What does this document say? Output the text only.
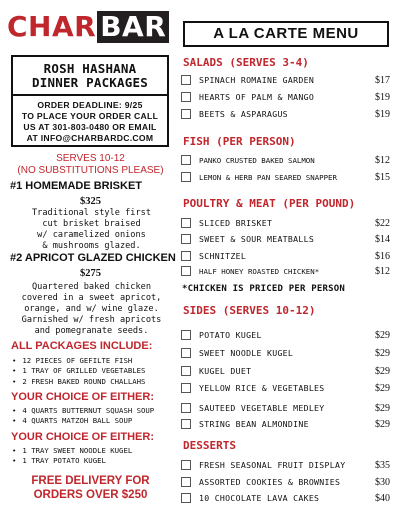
CHAR BAR
ROSH HASHANA
DINNER PACKAGES
ORDER DEADLINE: 9/25
TO PLACE YOUR ORDER CALL
US AT 301-803-0480 OR EMAIL
AT INFO@CHARBARDC.COM
SERVES 10-12
(NO SUBSTITUTIONS PLEASE)
#1 HOMEMADE BRISKET
$325
Traditional style first
cut brisket braised
w/ caramelized onions
& mushrooms glazed.
#2 APRICOT GLAZED CHICKEN
$275
Quartered baked chicken
covered in a sweet apricot,
orange, and w/ wine glaze.
Garnished w/ fresh apricots
and pomegranate seeds.
ALL PACKAGES INCLUDE:
• 12 PIECES OF GEFILTE FISH
• 1 TRAY OF GRILLED VEGETABLES
• 2 FRESH BAKED ROUND CHALLAHS
YOUR CHOICE OF EITHER:
• 4 QUARTS BUTTERNUT SQUASH SOUP
• 4 QUARTS MATZOH BALL SOUP
YOUR CHOICE OF EITHER:
• 1 TRAY SWEET NOODLE KUGEL
• 1 TRAY POTATO KUGEL
FREE DELIVERY FOR
ORDERS OVER $250
A LA CARTE MENU
SALADS (SERVES 3-4)
SPINACH ROMAINE GARDEN	$17
HEARTS OF PALM & MANGO	$19
BEETS & ASPARAGUS	$19
FISH (PER PERSON)
PANKO CRUSTED BAKED SALMON	$12
LEMON & HERB PAN SEARED SNAPPER	$15
POULTRY & MEAT (PER POUND)
SLICED BRISKET	$22
SWEET & SOUR MEATBALLS	$14
SCHNITZEL	$16
HALF HONEY ROASTED CHICKEN*	$12
*CHICKEN IS PRICED PER PERSON
SIDES (SERVES 10-12)
POTATO KUGEL	$29
SWEET NOODLE KUGEL	$29
KUGEL DUET	$29
YELLOW RICE & VEGETABLES	$29
SAUTEED VEGETABLE MEDLEY	$29
STRING BEAN ALMONDINE	$29
DESSERTS
FRESH SEASONAL FRUIT DISPLAY	$35
ASSORTED COOKIES & BROWNIES	$30
10 CHOCOLATE LAVA CAKES	$40
